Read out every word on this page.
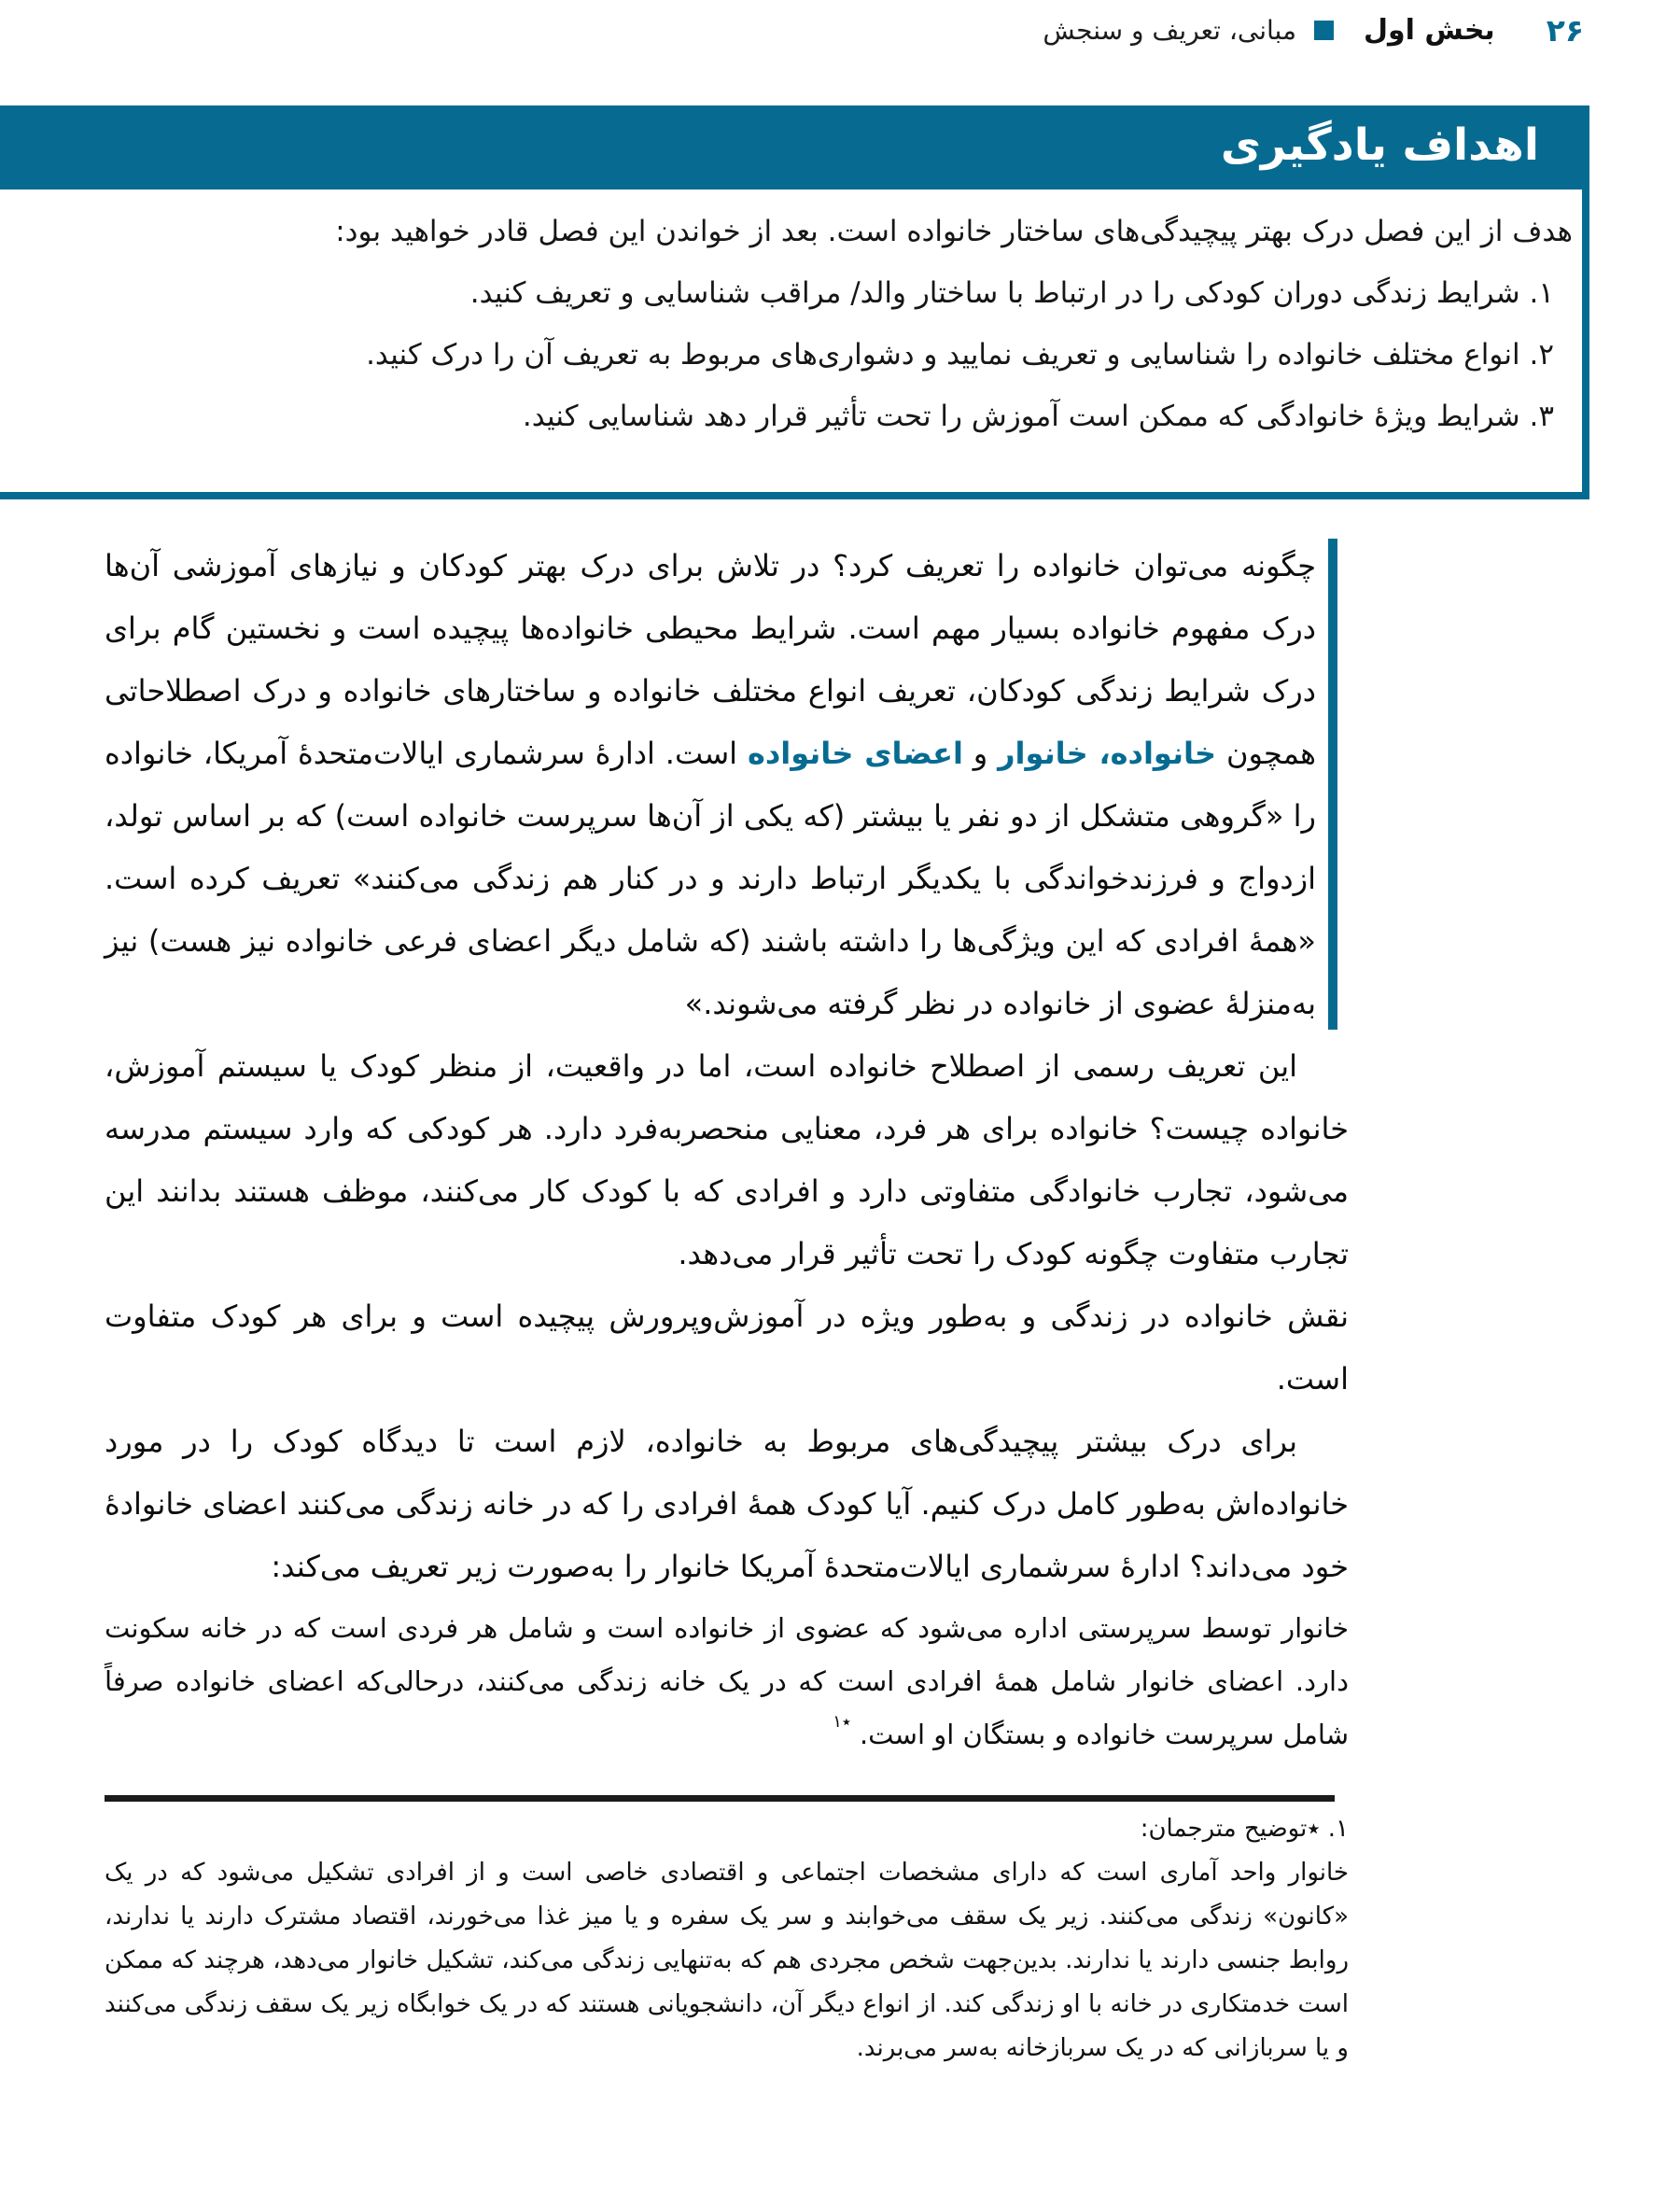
۲۶
بخش اول
مبانی، تعریف و سنجش
اهداف یادگیری

هدف از این فصل درک بهتر پیچیدگی‌های ساختار خانواده است. بعد از خواندن این فصل قادر خواهید بود:

۱. شرایط زندگی دوران کودکی را در ارتباط با ساختار والد/ مراقب شناسایی و تعریف کنید.

۲. انواع مختلف خانواده را شناسایی و تعریف نمایید و دشواری‌های مربوط به تعریف آن را درک کنید.

۳. شرایط ویژهٔ خانوادگی که ممکن است آموزش را تحت تأثیر قرار دهد شناسایی کنید.

چگونه می‌توان خانواده را تعریف کرد؟ در تلاش برای درک بهتر کودکان و نیازهای آموزشی آن‌ها درک مفهوم خانواده بسیار مهم است. شرایط محیطی خانواده‌ها پیچیده است و نخستین گام برای درک شرایط زندگی کودکان، تعریف انواع مختلف خانواده و ساختارهای خانواده و درک اصطلاحاتی همچون خانواده، خانوار و اعضای خانواده است. ادارهٔ سرشماری ایالات‌متحدهٔ آمریکا، خانواده را «گروهی متشکل از دو نفر یا بیشتر (که یکی از آن‌ها سرپرست خانواده است) که بر اساس تولد، ازدواج و فرزندخواندگی با یکدیگر ارتباط دارند و در کنار هم زندگی می‌کنند» تعریف کرده است. «همهٔ افرادی که این ویژگی‌ها را داشته باشند (که شامل دیگر اعضای فرعی خانواده نیز هست) نیز به‌منزلهٔ عضوی از خانواده در نظر گرفته می‌شوند.»

این تعریف رسمی از اصطلاح خانواده است، اما در واقعیت، از منظر کودک یا سیستم آموزش، خانواده چیست؟ خانواده برای هر فرد، معنایی منحصربه‌فرد دارد. هر کودکی که وارد سیستم مدرسه می‌شود، تجارب خانوادگی متفاوتی دارد و افرادی که با کودک کار می‌کنند، موظف هستند بدانند این تجارب متفاوت چگونه کودک را تحت تأثیر قرار می‌دهد.

نقش خانواده در زندگی و به‌طور ویژه در آموزش‌وپرورش پیچیده است و برای هر کودک متفاوت است.

برای درک بیشتر پیچیدگی‌های مربوط به خانواده، لازم است تا دیدگاه کودک را در مورد خانواده‌اش به‌طور کامل درک کنیم. آیا کودک همهٔ افرادی را که در خانه زندگی می‌کنند اعضای خانوادهٔ خود می‌داند؟ ادارهٔ سرشماری ایالات‌متحدهٔ آمریکا خانوار را به‌صورت زیر تعریف می‌کند:

خانوار توسط سرپرستی اداره می‌شود که عضوی از خانواده است و شامل هر فردی است که در خانه سکونت دارد. اعضای خانوار شامل همهٔ افرادی است که در یک خانه زندگی می‌کنند، درحالی‌که اعضای خانواده صرفاً شامل سرپرست خانواده و بستگان او است. $^{٭۱}$

۱. ٭توضیح مترجمان:

خانوار واحد آماری است که دارای مشخصات اجتماعی و اقتصادی خاصی است و از افرادی تشکیل می‌شود که در یک «کانون» زندگی می‌کنند. زیر یک سقف می‌خوابند و سر یک سفره و یا میز غذا می‌خورند، اقتصاد مشترک دارند یا ندارند، روابط جنسی دارند یا ندارند. بدین‌جهت شخص مجردی هم که به‌تنهایی زندگی می‌کند، تشکیل خانوار می‌دهد، هرچند که ممکن است خدمتکاری در خانه با او زندگی کند. از انواع دیگر آن، دانشجویانی هستند که در یک خوابگاه زیر یک سقف زندگی می‌کنند و یا سربازانی که در یک سربازخانه به‌سر می‌برند.
